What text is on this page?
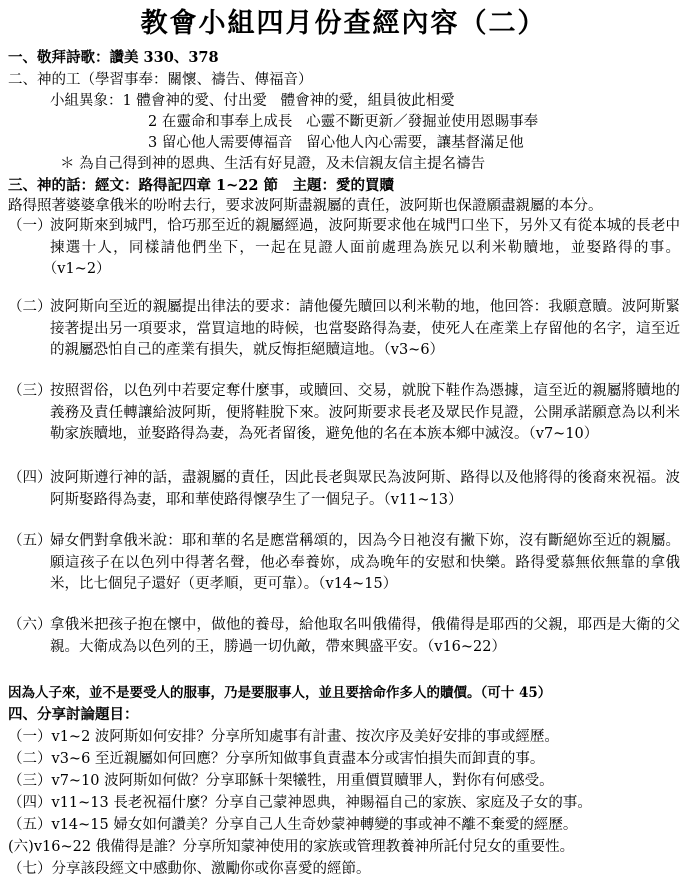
教會小組四月份查經內容（二）
一、敬拜詩歌：讚美 330、378
二、神的工（學習事奉：關懷、禱告、傳福音）
小組異象：1 體會神的愛、付出愛 體會神的愛，組員彼此相愛
2 在靈命和事奉上成長 心靈不斷更新／發掘並使用恩賜事奉
3 留心他人需要傳福音 留心他人內心需要，讓基督滿足他
＊ 為自己得到神的恩典、生活有好見證，及未信親友信主提名禱告
三、神的話：經文：路得記四章 1~22 節　主題：愛的買贖
路得照著婆婆拿俄米的吩咐去行，要求波阿斯盡親屬的責任，波阿斯也保證願盡親屬的本分。
（一）
波阿斯來到城門，恰巧那至近的親屬經過，波阿斯要求他在城門口坐下，另外又有從本城的長老中揀選十人，同樣請他們坐下，一起在見證人面前處理為族兄以利米勒贖地，並娶路得的事。（v1~2）
（二）
波阿斯向至近的親屬提出律法的要求：請他優先贖回以利米勒的地，他回答：我願意贖。波阿斯緊接著提出另一項要求，當買這地的時候，也當娶路得為妻，使死人在產業上存留他的名字，這至近的親屬恐怕自己的產業有損失，就反悔拒絕贖這地。（v3~6）
（三）
按照習俗，以色列中若要定奪什麼事，或贖回、交易，就脫下鞋作為憑據，這至近的親屬將贖地的義務及責任轉讓給波阿斯，便將鞋脫下來。波阿斯要求長老及眾民作見證，公開承諾願意為以利米勒家族贖地，並娶路得為妻，為死者留後，避免他的名在本族本鄉中滅沒。（v7~10）
（四）
波阿斯遵行神的話，盡親屬的責任，因此長老與眾民為波阿斯、路得以及他將得的後裔來祝福。波阿斯娶路得為妻，耶和華使路得懷孕生了一個兒子。（v11~13）
（五）
婦女們對拿俄米說：耶和華的名是應當稱頌的，因為今日祂沒有撇下妳，沒有斷絕妳至近的親屬。願這孩子在以色列中得著名聲，他必奉養妳，成為晚年的安慰和快樂。路得愛慕無依無靠的拿俄米，比七個兒子還好（更孝順，更可靠）。（v14~15）
（六）
拿俄米把孩子抱在懷中，做他的養母，給他取名叫俄備得，俄備得是耶西的父親，耶西是大衛的父親。大衛成為以色列的王，勝過一切仇敵，帶來興盛平安。（v16~22）
因為人子來，並不是要受人的服事，乃是要服事人，並且要捨命作多人的贖價。（可十 45）
四、分享討論題目：
（一）v1~2 波阿斯如何安排？分享所知處事有計畫、按次序及美好安排的事或經歷。
（二）v3~6 至近親屬如何回應？分享所知做事負責盡本分或害怕損失而卸責的事。
（三）v7~10 波阿斯如何做？分享耶穌十架犧牲，用重價買贖罪人，對你有何感受。
（四）v11~13 長老祝福什麼？分享自己蒙神恩典，神賜福自己的家族、家庭及子女的事。
（五）v14~15 婦女如何讚美？分享自己人生奇妙蒙神轉變的事或神不離不棄愛的經歷。
(六)v16~22 俄備得是誰？分享所知蒙神使用的家族或管理教養神所託付兒女的重要性。
（七）分享該段經文中感動你、激勵你或你喜愛的經節。
